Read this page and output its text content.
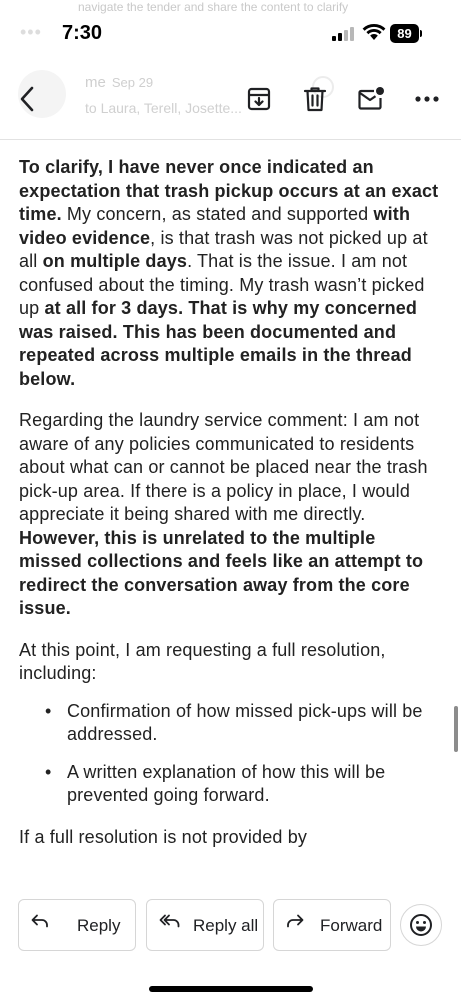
navigate the tender and share the content to clarify
••• 7:30	89
me Sep 29
to Laura, Terell, Josette...

To clarify, I have never once indicated an expectation that trash pickup occurs at an exact time. My concern, as stated and supported with video evidence, is that trash was not picked up at all on multiple days. That is the issue. I am not confused about the timing. My trash wasn’t picked up at all for 3 days. That is why my concerned was raised. This has been documented and repeated across multiple emails in the thread below.

Regarding the laundry service comment: I am not aware of any policies communicated to residents about what can or cannot be placed near the trash pick-up area. If there is a policy in place, I would appreciate it being shared with me directly. However, this is unrelated to the multiple missed collections and feels like an attempt to redirect the conversation away from the core issue.

At this point, I am requesting a full resolution, including:

• Confirmation of how missed pick-ups will be addressed.
• A written explanation of how this will be prevented going forward.

If a full resolution is not provided by

Reply	Reply all	Forward
